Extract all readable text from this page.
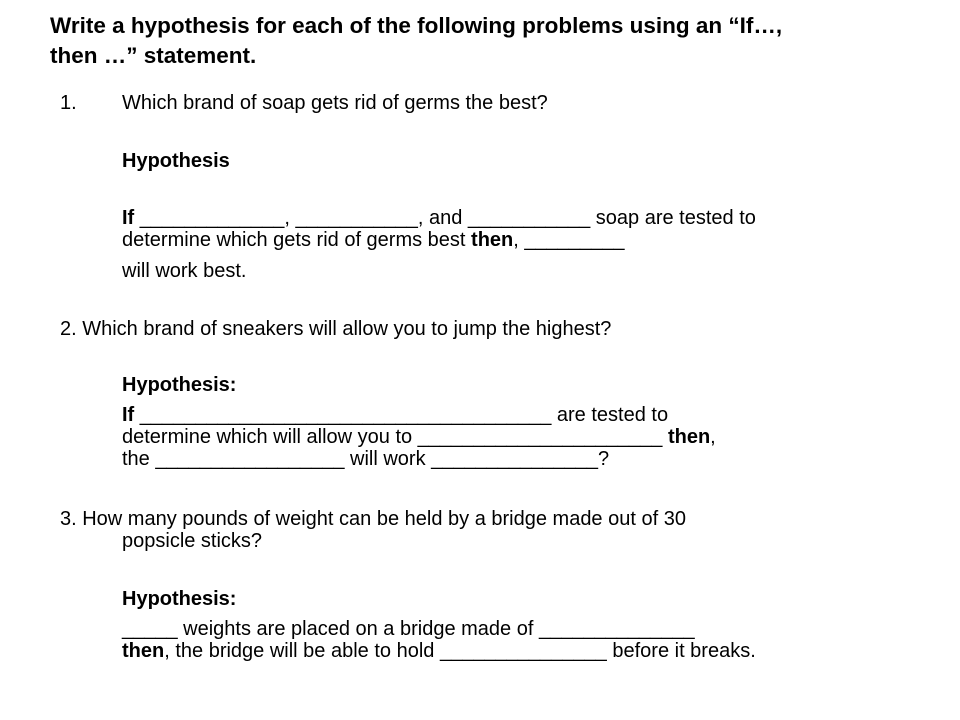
Write a hypothesis for each of the following problems using an “If…,
then …” statement.
1. Which brand of soap gets rid of germs the best?
Hypothesis
If _____________, ___________, and ___________ soap are tested to
determine which gets rid of germs best then, _________
will work best.
2. Which brand of sneakers will allow you to jump the highest?
Hypothesis:
If _____________________________________ are tested to
determine which will allow you to ______________________ then,
the _________________ will work _______________?
3. How many pounds of weight can be held by a bridge made out of 30
popsicle sticks?
Hypothesis:
_____ weights are placed on a bridge made of ______________
then, the bridge will be able to hold _______________ before it breaks.
